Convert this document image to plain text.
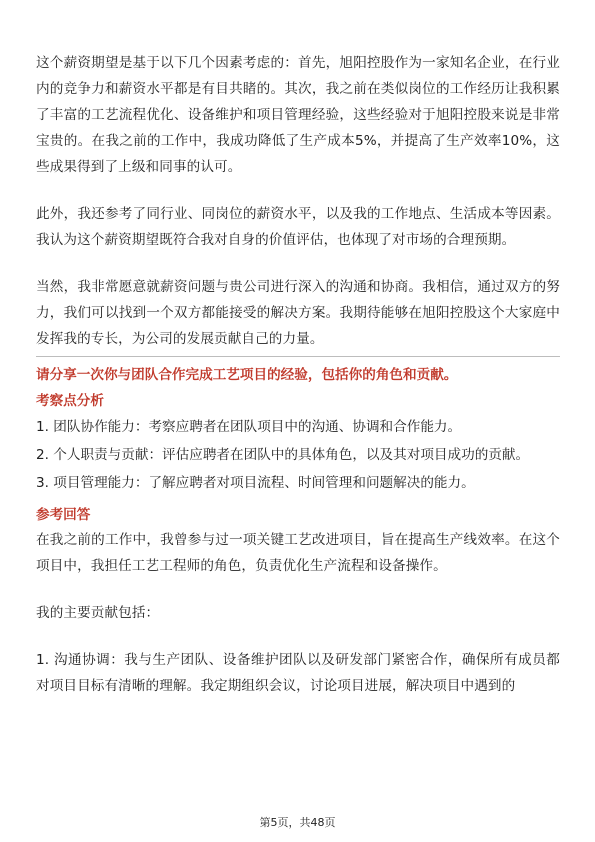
这个薪资期望是基于以下几个因素考虑的：首先，旭阳控股作为一家知名企业，在行业内的竞争力和薪资水平都是有目共睹的。其次，我之前在类似岗位的工作经历让我积累了丰富的工艺流程优化、设备维护和项目管理经验，这些经验对于旭阳控股来说是非常宝贵的。在我之前的工作中，我成功降低了生产成本5%，并提高了生产效率10%，这些成果得到了上级和同事的认可。

此外，我还参考了同行业、同岗位的薪资水平，以及我的工作地点、生活成本等因素。我认为这个薪资期望既符合我对自身的价值评估，也体现了对市场的合理预期。

当然，我非常愿意就薪资问题与贵公司进行深入的沟通和协商。我相信，通过双方的努力，我们可以找到一个双方都能接受的解决方案。我期待能够在旭阳控股这个大家庭中发挥我的专长，为公司的发展贡献自己的力量。

请分享一次你与团队合作完成工艺项目的经验，包括你的角色和贡献。

考察点分析

1. 团队协作能力：考察应聘者在团队项目中的沟通、协调和合作能力。

2. 个人职责与贡献：评估应聘者在团队中的具体角色，以及其对项目成功的贡献。

3. 项目管理能力：了解应聘者对项目流程、时间管理和问题解决的能力。

参考回答

在我之前的工作中，我曾参与过一项关键工艺改进项目，旨在提高生产线效率。在这个项目中，我担任工艺工程师的角色，负责优化生产流程和设备操作。

我的主要贡献包括：

1. 沟通协调：我与生产团队、设备维护团队以及研发部门紧密合作，确保所有成员都对项目目标有清晰的理解。我定期组织会议，讨论项目进展，解决项目中遇到的

第5页，共48页
